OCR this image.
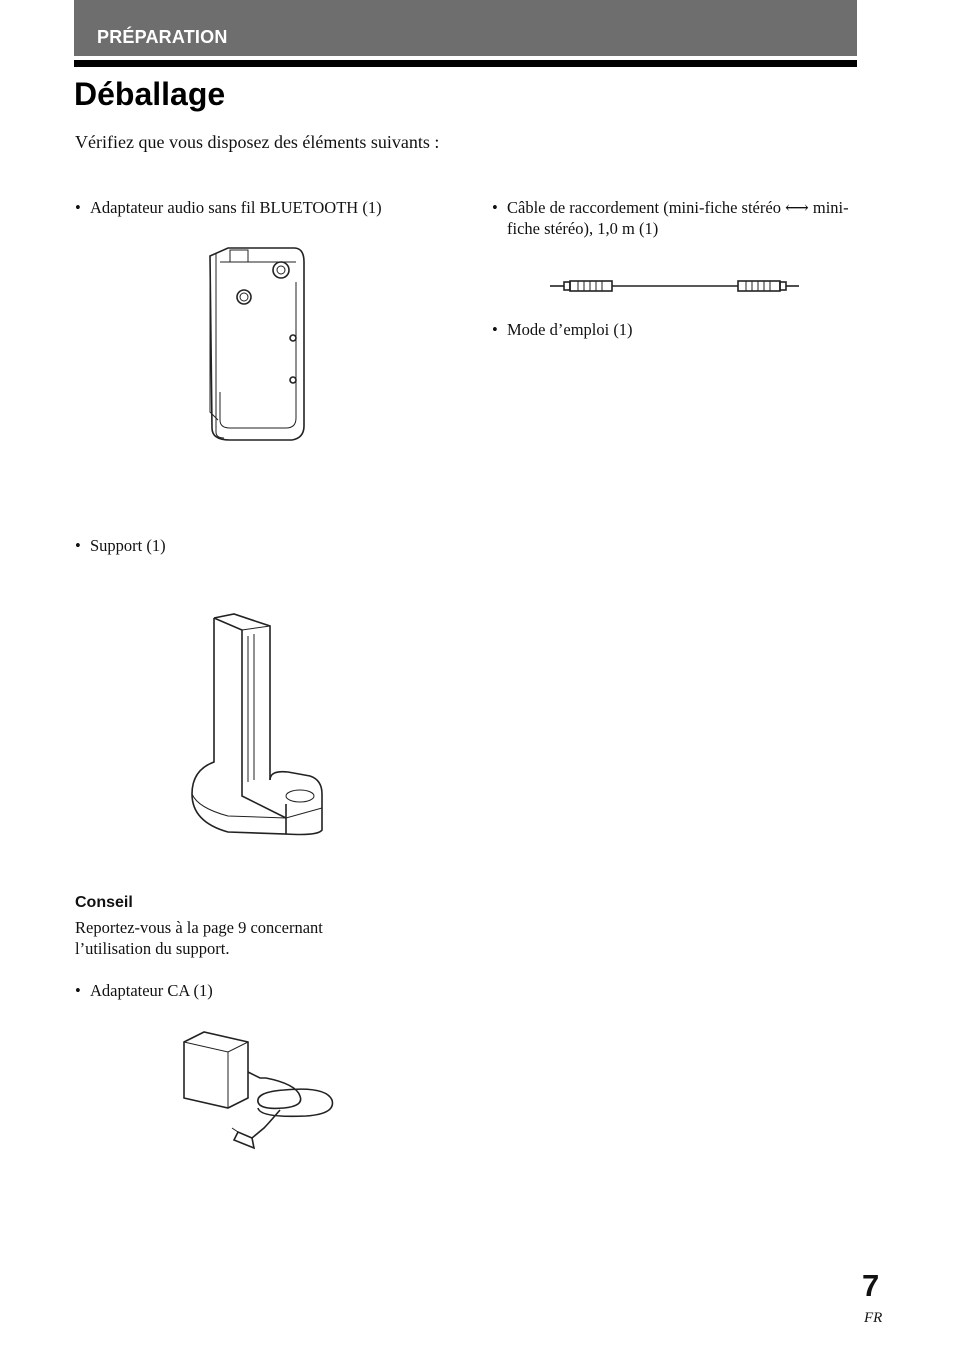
PRÉPARATION
Déballage
Vérifiez que vous disposez des éléments suivants :
• Adaptateur audio sans fil BLUETOOTH (1)	• Câble de raccordement (mini-fiche stéréo ⟷ mini-fiche stéréo), 1,0 m (1)
• Mode d’emploi (1)
• Support (1)
Conseil
Reportez-vous à la page 9 concernant l’utilisation du support.
• Adaptateur CA (1)
7
FR
